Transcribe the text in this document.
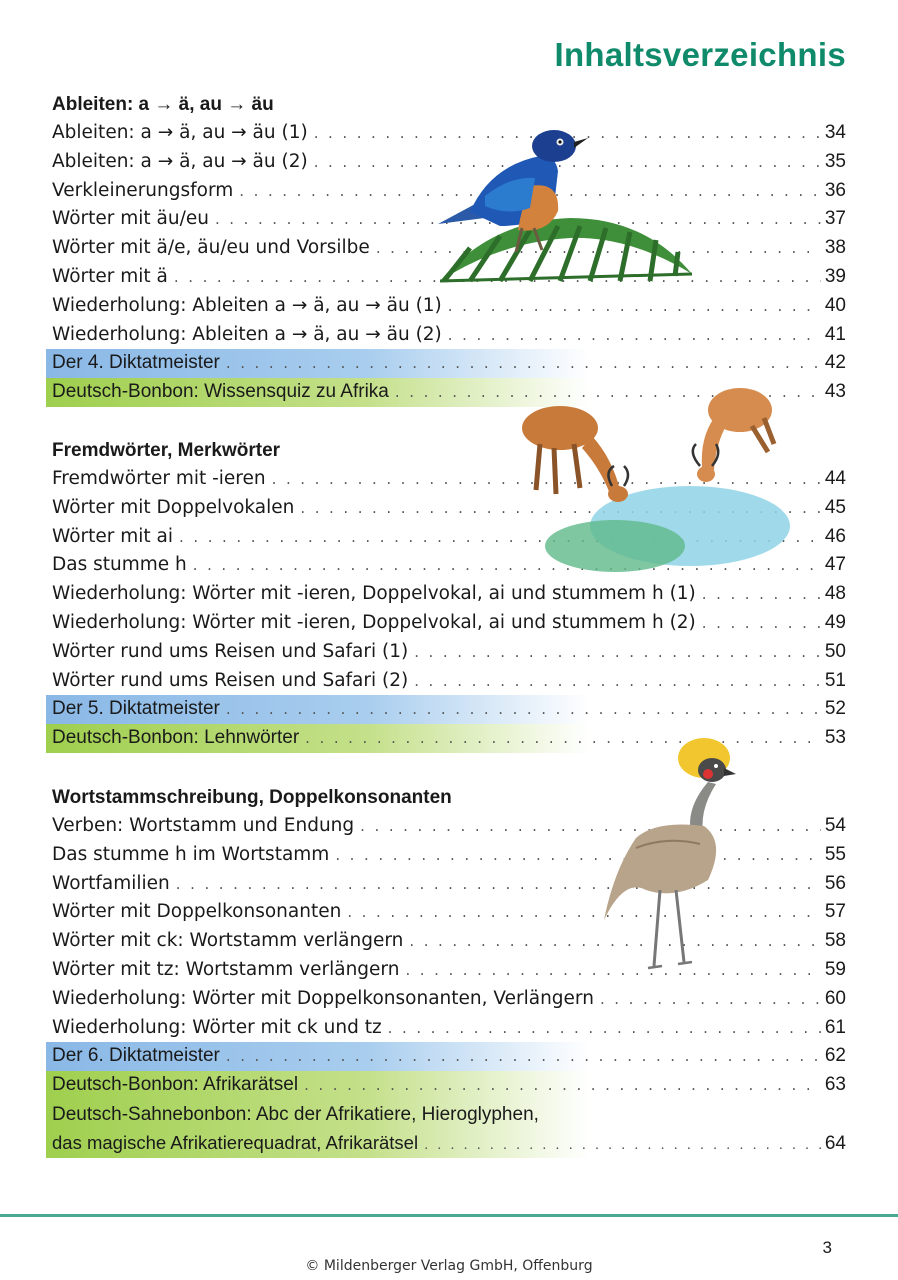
Inhaltsverzeichnis
Ableiten: a → ä, au → äu
Ableiten: a → ä, au → äu (1) . . .	34
Ableiten: a → ä, au → äu (2) . . .	35
Verkleinerungsform . . .	36
Wörter mit äu/eu . . .	37
Wörter mit ä/e, äu/eu und Vorsilbe . . .	38
Wörter mit ä . . .	39
Wiederholung: Ableiten a → ä, au → äu (1) . . .	40
Wiederholung: Ableiten a → ä, au → äu (2) . . .	41
Der 4. Diktatmeister . . .	42
Deutsch-Bonbon: Wissensquiz zu Afrika . . .	43
Fremdwörter, Merkwörter
Fremdwörter mit -ieren . . .	44
Wörter mit Doppelvokalen . . .	45
Wörter mit ai . . .	46
Das stumme h . . .	47
Wiederholung: Wörter mit -ieren, Doppelvokal, ai und stummem h (1) . . .	48
Wiederholung: Wörter mit -ieren, Doppelvokal, ai und stummem h (2) . . .	49
Wörter rund ums Reisen und Safari (1) . . .	50
Wörter rund ums Reisen und Safari (2) . . .	51
Der 5. Diktatmeister . . .	52
Deutsch-Bonbon: Lehnwörter . . .	53
Wortstammschreibung, Doppelkonsonanten
Verben: Wortstamm und Endung . . .	54
Das stumme h im Wortstamm . . .	55
Wortfamilien . . .	56
Wörter mit Doppelkonsonanten . . .	57
Wörter mit ck: Wortstamm verlängern . . .	58
Wörter mit tz: Wortstamm verlängern . . .	59
Wiederholung: Wörter mit Doppelkonsonanten, Verlängern . . .	60
Wiederholung: Wörter mit ck und tz . . .	61
Der 6. Diktatmeister . . .	62
Deutsch-Bonbon: Afrikarätsel . . .	63
Deutsch-Sahnebonbon: Abc der Afrikatiere, Hieroglyphen,
das magische Afrikatierequadrat, Afrikarätsel . . .	64
3
© Mildenberger Verlag GmbH, Offenburg
